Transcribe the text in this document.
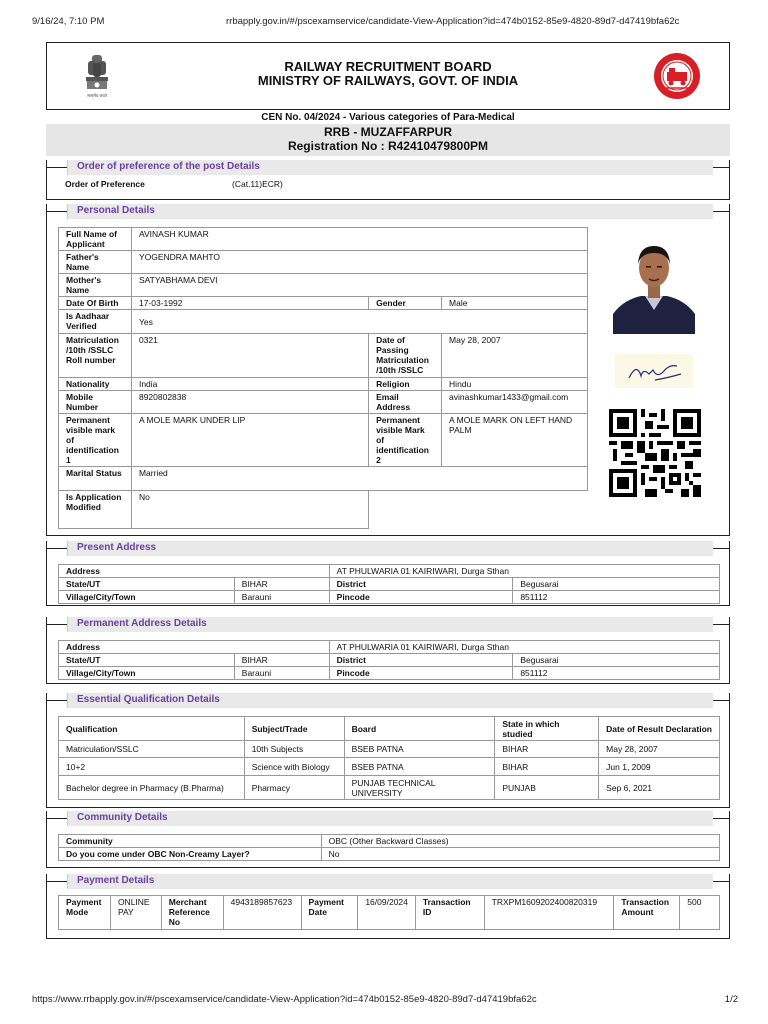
9/16/24, 7:10 PM	rrbapply.gov.in/#/pscexamservice/candidate-View-Application?id=474b0152-85e9-4820-89d7-d47419bfa62c
सत्यमेव जयते
RAILWAY RECRUITMENT BOARD
MINISTRY OF RAILWAYS, GOVT. OF INDIA
CEN No. 04/2024 - Various categories of Para-Medical
RRB - MUZAFFARPUR
Registration No : R42410479800PM
Order of preference of the post Details
Order of Preference	(Cat.11)ECR)
Personal Details
Full Name of Applicant	AVINASH KUMAR		
Father's Name	YOGENDRA MAHTO		
Mother's Name	SATYABHAMA DEVI		
Date Of Birth	17-03-1992	Gender	Male
Is Aadhaar Verified	Yes		
Matriculation /10th /SSLC Roll number	0321	Date of Passing Matriculation /10th /SSLC	May 28, 2007
Nationality	India	Religion	Hindu
Mobile Number	8920802838	Email Address	avinashkumar1433@gmail.com
Permanent visible mark of identification 1	A MOLE MARK UNDER LIP	Permanent visible Mark of identification 2	A MOLE MARK ON LEFT HAND PALM
Marital Status	Married		
Is Application Modified	No		
Present Address
Address		AT PHULWARIA 01 KAIRIWARI, Durga Sthan	
State/UT	BIHAR	District	Begusarai
Village/City/Town	Barauni	Pincode	851112
Permanent Address Details
Address		AT PHULWARIA 01 KAIRIWARI, Durga Sthan	
State/UT	BIHAR	District	Begusarai
Village/City/Town	Barauni	Pincode	851112
Essential Qualification Details
Qualification	Subject/Trade	Board	State in which studied	Date of Result Declaration
Matriculation/SSLC	10th Subjects	BSEB PATNA	BIHAR	May 28, 2007
10+2	Science with Biology	BSEB PATNA	BIHAR	Jun 1, 2009
Bachelor degree in Pharmacy (B.Pharma)	Pharmacy	PUNJAB TECHNICAL UNIVERSITY	PUNJAB	Sep 6, 2021
Community Details
Community	OBC (Other Backward Classes)
Do you come under OBC Non-Creamy Layer?	No
Payment Details
Payment Mode	ONLINE PAY	Merchant Reference No	4943189857623	Payment Date	16/09/2024	Transaction ID	TRXPM1609202400820319	Transaction Amount	500
https://www.rrbapply.gov.in/#/pscexamservice/candidate-View-Application?id=474b0152-85e9-4820-89d7-d47419bfa62c	1/2
